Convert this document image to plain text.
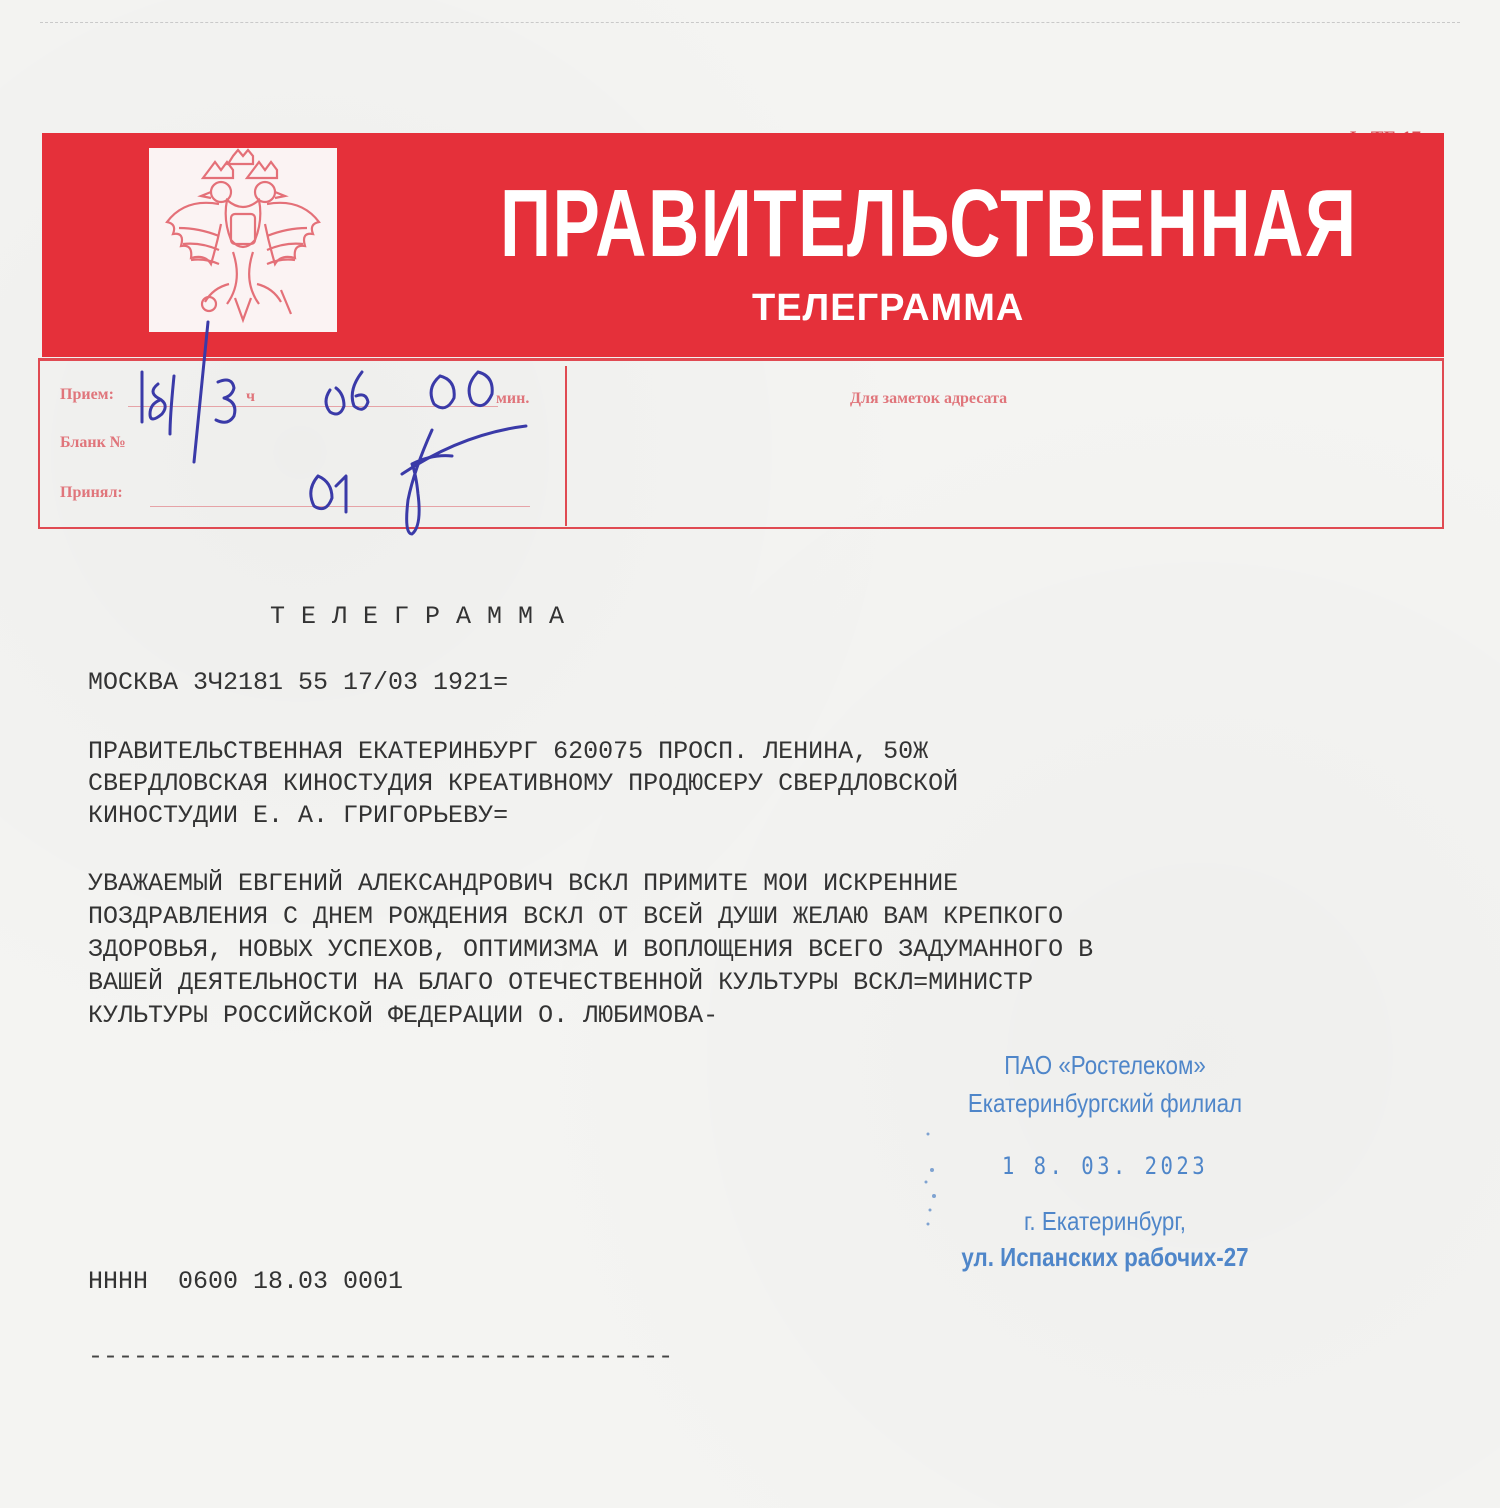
ПРАВИТЕЛЬСТВЕННАЯ
ТЕЛЕГРАММА
Прием:	ч	мин.
Бланк №
Принял:
Для заметок адресата
ТЕЛЕГРАММА
МОСКВА 3Ч2181 55 17/03 1921=
ПРАВИТЕЛЬСТВЕННАЯ ЕКАТЕРИНБУРГ 620075 ПРОСП. ЛЕНИНА, 50Ж
СВЕРДЛОВСКАЯ КИНОСТУДИЯ КРЕАТИВНОМУ ПРОДЮСЕРУ СВЕРДЛОВСКОЙ
КИНОСТУДИИ Е. А. ГРИГОРЬЕВУ=
УВАЖАЕМЫЙ ЕВГЕНИЙ АЛЕКСАНДРОВИЧ ВСКЛ ПРИМИТЕ МОИ ИСКРЕННИЕ
ПОЗДРАВЛЕНИЯ С ДНЕМ РОЖДЕНИЯ ВСКЛ ОТ ВСЕЙ ДУШИ ЖЕЛАЮ ВАМ КРЕПКОГО
ЗДОРОВЬЯ, НОВЫХ УСПЕХОВ, ОПТИМИЗМА И ВОПЛОЩЕНИЯ ВСЕГО ЗАДУМАННОГО В
ВАШЕЙ ДЕЯТЕЛЬНОСТИ НА БЛАГО ОТЕЧЕСТВЕННОЙ КУЛЬТУРЫ ВСКЛ=МИНИСТР
КУЛЬТУРЫ РОССИЙСКОЙ ФЕДЕРАЦИИ О. ЛЮБИМОВА-
ПАО «Ростелеком»
Екатеринбургский филиал
1 8. 03. 2023
г. Екатеринбург,
ул. Испанских рабочих-27
НННН  0600 18.03 0001
---------------------------------------
